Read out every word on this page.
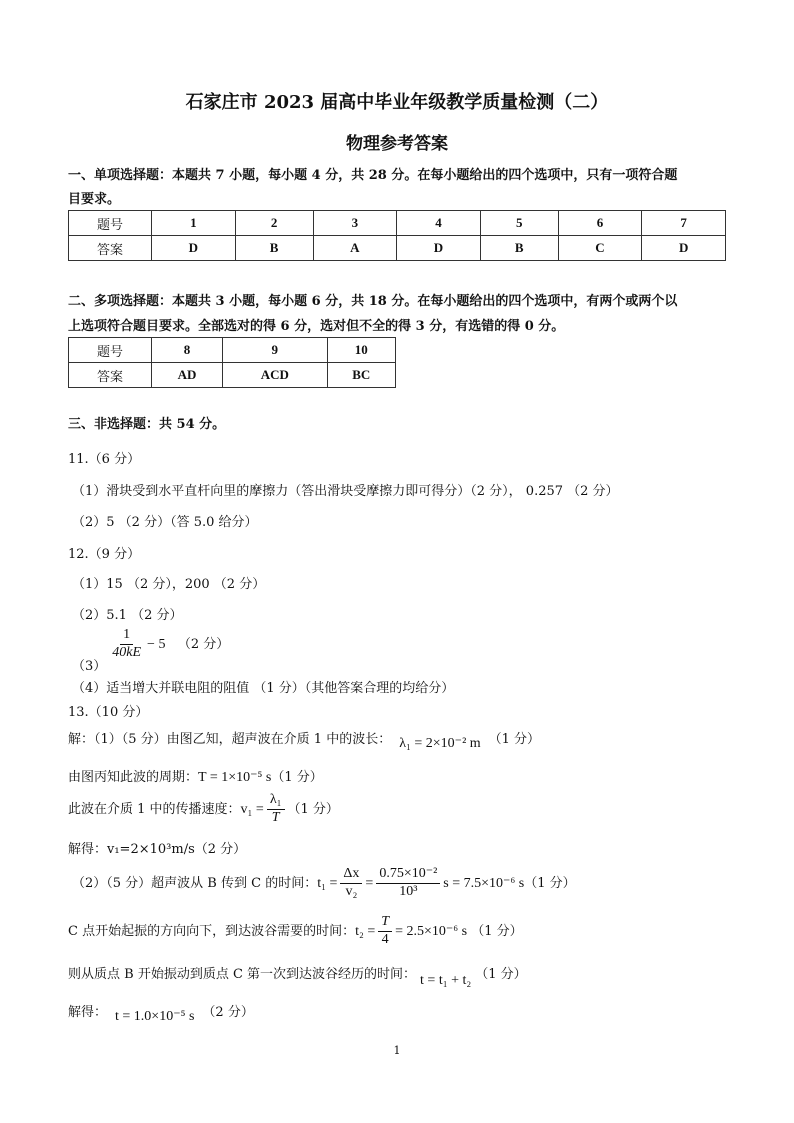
石家庄市 2023 届高中毕业年级教学质量检测（二）
物理参考答案
一、单项选择题：本题共 7 小题，每小题 4 分，共 28 分。在每小题给出的四个选项中，只有一项符合题
目要求。
题号	1	2	3	4	5	6	7
答案	D	B	A	D	B	C	D
二、多项选择题：本题共 3 小题，每小题 6 分，共 18 分。在每小题给出的四个选项中，有两个或两个以
上选项符合题目要求。全部选对的得 6 分，选对但不全的得 3 分，有选错的得 0 分。
题号	8	9	10
答案	AD	ACD	BC
三、非选择题：共 54 分。
11.（6 分）
（1）滑块受到水平直杆向里的摩擦力（答出滑块受摩擦力即可得分）（2 分）， 0.257 （2 分）
（2）5 （2 分）（答 5.0 给分）
12.（9 分）
（1）15 （2 分），200 （2 分）
（2）5.1 （2 分）
（3）
$\frac{1}{40kE} - 5$ （2 分）
（4）适当增大并联电阻的阻值 （1 分）（其他答案合理的均给分）
13.（10 分）
解：（1）（5 分）由图乙知，超声波在介质 1 中的波长： λ₁ = 2×10⁻² m （1 分）
由图丙知此波的周期：T = 1×10⁻⁵ s（1 分）
此波在介质 1 中的传播速度：$v_1 = \frac{\text{λ₁}}{T} (1$ 分）
解得：v₁=2×10³m/s（2 分）
（2）（5 分）超声波从 B 传到 C 的时间：$t_1 = \frac{\Delta x}{\text{v₂}} = \frac{\text{0.75×10⁻²}}{\text{10³}}$ s = 7.5×10⁻⁶ s（1 分）
C 点开始起振的方向向下，到达波谷需要的时间：$t_2 = \frac{T}{4} = 2.5\times 10^{-6}$ s （1 分）
则从质点 B 开始振动到质点 C 第一次到达波谷经历的时间： t = t₁ + t₂ （1 分）
解得： t = 1.0×10⁻⁵ s （2 分）
1
